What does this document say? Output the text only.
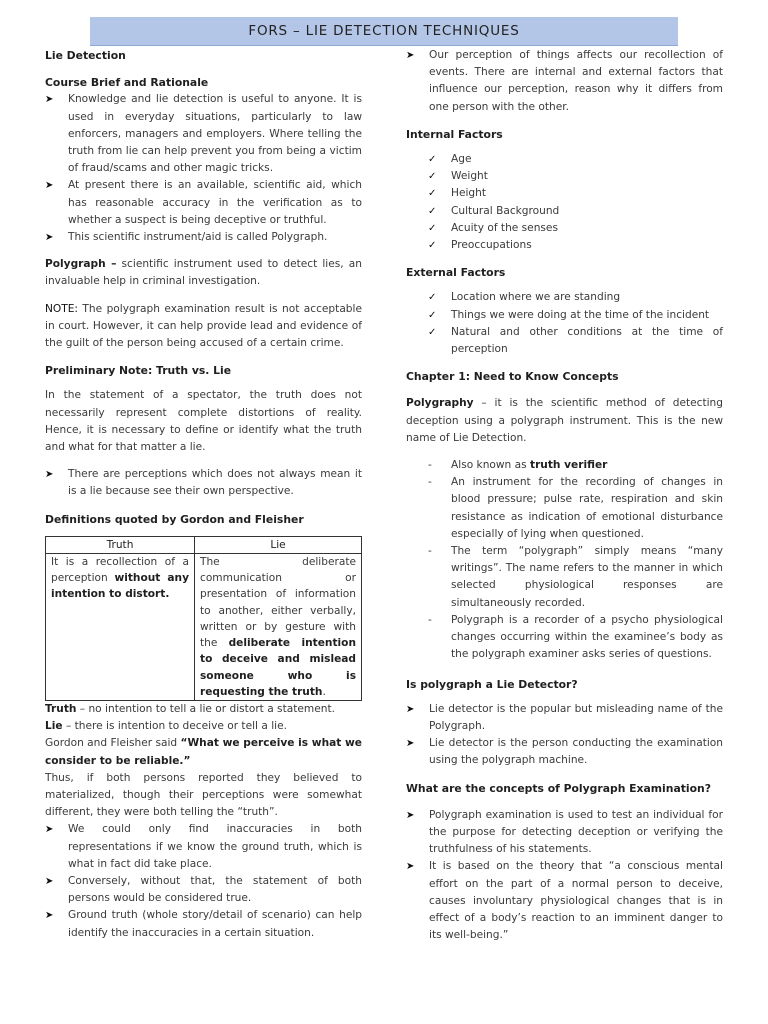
FORS – LIE DETECTION TECHNIQUES
Lie Detection
Course Brief and Rationale
➤ Knowledge and lie detection is useful to anyone. It is used in everyday situations, particularly to law enforcers, managers and employers. Where telling the truth from lie can help prevent you from being a victim of fraud/scams and other magic tricks.
➤ At present there is an available, scientific aid, which has reasonable accuracy in the verification as to whether a suspect is being deceptive or truthful.
➤ This scientific instrument/aid is called Polygraph.

Polygraph – scientific instrument used to detect lies, an invaluable help in criminal investigation.

NOTE: The polygraph examination result is not acceptable in court. However, it can help provide lead and evidence of the guilt of the person being accused of a certain crime.

Preliminary Note: Truth vs. Lie

In the statement of a spectator, the truth does not necessarily represent complete distortions of reality. Hence, it is necessary to define or identify what the truth and what for that matter a lie.

➤ There are perceptions which does not always mean it is a lie because see their own perspective.
Definitions quoted by Gordon and Fleisher
Truth	Lie
It is a recollection of a perception without any intention to distort.	The deliberate communication or presentation of information to another, either verbally, written or by gesture with the deliberate intention to deceive and mislead someone who is requesting the truth.

Truth – no intention to tell a lie or distort a statement.

Lie – there is intention to deceive or tell a lie.

Gordon and Fleisher said “What we perceive is what we consider to be reliable.”

Thus, if both persons reported they believed to materialized, though their perceptions were somewhat different, they were both telling the “truth”.

➤ We could only find inaccuracies in both representations if we know the ground truth, which is what in fact did take place.
➤ Conversely, without that, the statement of both persons would be considered true.
➤ Ground truth (whole story/detail of scenario) can help identify the inaccuracies in a certain situation.
➤ Our perception of things affects our recollection of events. There are internal and external factors that influence our perception, reason why it differs from one person with the other.
Internal Factors
✓ Age
✓ Weight
✓ Height
✓ Cultural Background
✓ Acuity of the senses
✓ Preoccupations
External Factors
✓ Location where we are standing
✓ Things we were doing at the time of the incident
✓ Natural and other conditions at the time of perception
Chapter 1: Need to Know Concepts

Polygraphy – it is the scientific method of detecting deception using a polygraph instrument. This is the new name of Lie Detection.

- Also known as truth verifier
- An instrument for the recording of changes in blood pressure; pulse rate, respiration and skin resistance as indication of emotional disturbance especially of lying when questioned.
- The term “polygraph” simply means “many writings”. The name refers to the manner in which selected physiological responses are simultaneously recorded.
- Polygraph is a recorder of a psycho physiological changes occurring within the examinee’s body as the polygraph examiner asks series of questions.
Is polygraph a Lie Detector?
➤ Lie detector is the popular but misleading name of the Polygraph.
➤ Lie detector is the person conducting the examination using the polygraph machine.
What are the concepts of Polygraph Examination?
➤ Polygraph examination is used to test an individual for the purpose for detecting deception or verifying the truthfulness of his statements.
➤ It is based on the theory that “a conscious mental effort on the part of a normal person to deceive, causes involuntary physiological changes that is in effect of a body’s reaction to an imminent danger to its well-being.”
